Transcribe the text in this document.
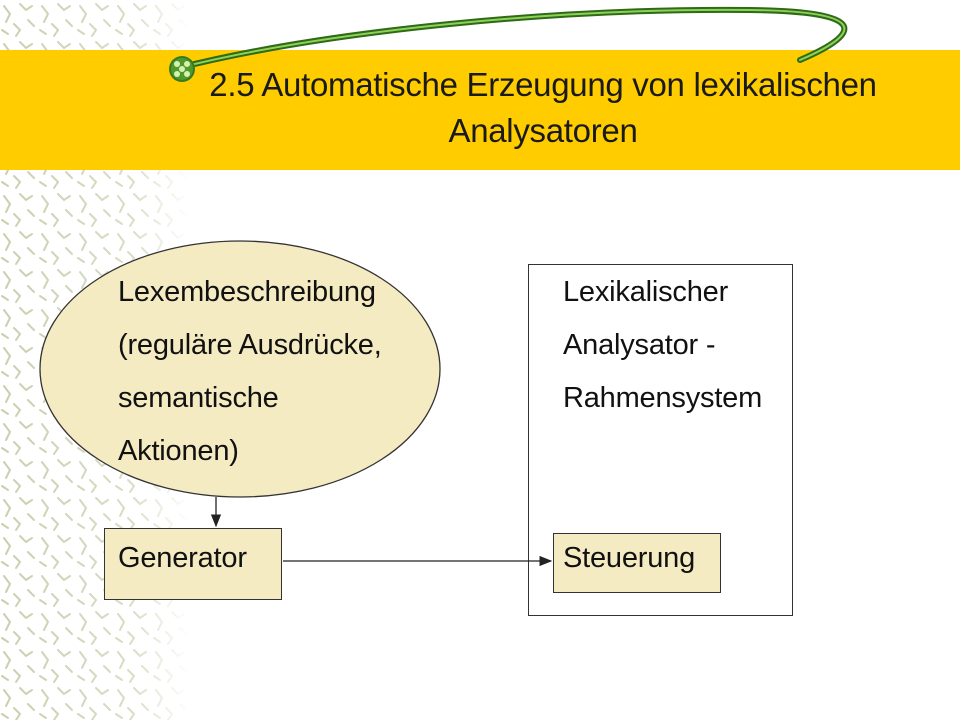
2.5 Automatische Erzeugung von lexikalischen Analysatoren
Lexembeschreibung
(reguläre Ausdrücke,
semantische
Aktionen)
Generator
Lexikalischer
Analysator -
Rahmensystem
Steuerung
